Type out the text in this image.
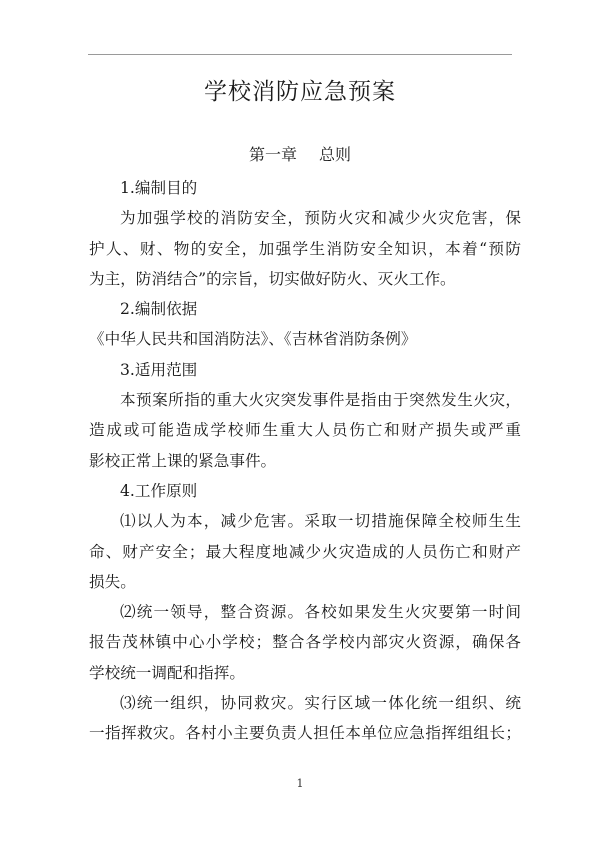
学校消防应急预案
第一章 总则
1.编制目的
为加强学校的消防安全，预防火灾和减少火灾危害，保
护人、财、物的安全，加强学生消防安全知识，本着“预防
为主，防消结合”的宗旨，切实做好防火、灭火工作。
2.编制依据
《中华人民共和国消防法》、《吉林省消防条例》
3.适用范围
本预案所指的重大火灾突发事件是指由于突然发生火灾，
造成或可能造成学校师生重大人员伤亡和财产损失或严重
影校正常上课的紧急事件。
4.工作原则
⑴以人为本，减少危害。采取一切措施保障全校师生生
命、财产安全；最大程度地减少火灾造成的人员伤亡和财产
损失。
⑵统一领导，整合资源。各校如果发生火灾要第一时间
报告茂林镇中心小学校；整合各学校内部灾火资源，确保各
学校统一调配和指挥。
⑶统一组织，协同救灾。实行区域一体化统一组织、统
一指挥救灾。各村小主要负责人担任本单位应急指挥组组长；
1
